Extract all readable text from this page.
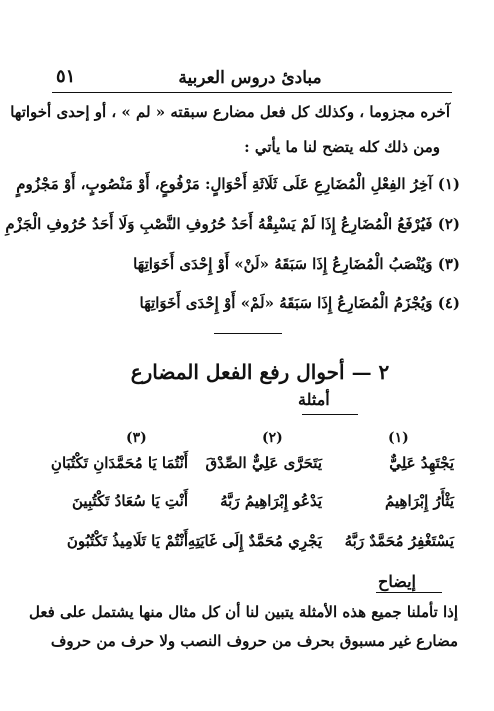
مبادئ دروس العربية
٥١
آخره مجزوما ، وكذلك كل فعل مضارع سبقته « لم » ، أو إحدى أخواتها
ومن ذلك كله يتضح لنا ما يأتي :
(١) آخِرُ الفِعْلِ الْمُضَارِعِ عَلَى ثَلَاثَةِ أَحْوَالٍ: مَرْفُوعٍ، أَوْ مَنْصُوبٍ، أَوْ مَجْزُومٍ
(٢) فَيُرْفَعُ الْمُضَارِعُ إِذَا لَمْ يَسْبِقْهُ أَحَدُ حُرُوفِ النَّصْبِ وَلَا أَحَدُ حُرُوفِ الْجَزْمِ
(٣) وَيُنْصَبُ الْمُضَارِعُ إِذَا سَبَقَهُ «لَنْ» أَوْ إِحْدَى أَخَوَاتِهَا
(٤) وَيُجْزَمُ الْمُضَارِعُ إِذَا سَبَقَهُ «لَمْ» أَوْ إِحْدَى أَخَوَاتِهَا
٢ — أحوال رفع الفعل المضارع
أمثلة
(١)
(٢)
(٣)
يَجْتَهِدُ عَلِيٌّ
يَثْأَرُ إِبْرَاهِيمُ
يَسْتَغْفِرُ مُحَمَّدٌ رَبَّهُ
يَتَحَرَّى عَلِيٌّ الصِّدْقَ
يَدْعُو إِبْرَاهِيمُ رَبَّهُ
يَجْرِي مُحَمَّدٌ إِلَى غَايَتِهِ
أَنْتُمَا يَا مُحَمَّدَانِ تَكْتُبَانِ
أَنْتِ يَا سُعَادُ تَكْتُبِينَ
أَنْتُمْ يَا تَلَامِيذُ تَكْتُبُونَ
إيضاح
إذا تأملنا جميع هذه الأمثلة يتبين لنا أن كل مثال منها يشتمل على فعل
مضارع غير مسبوق بحرف من حروف النصب ولا حرف من حروف
